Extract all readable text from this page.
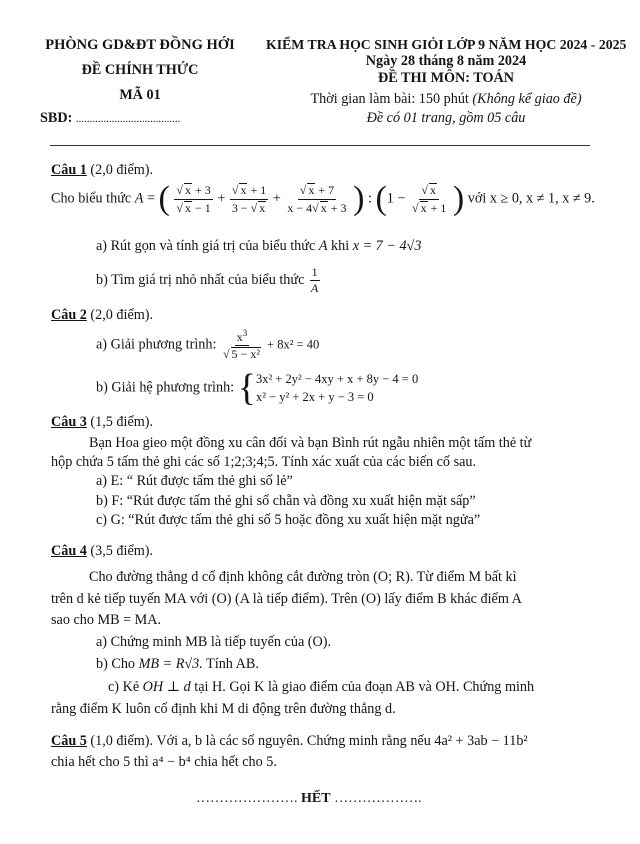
PHÒNG GD&ĐT ĐỒNG HỚI
ĐỀ CHÍNH THỨC
MÃ 01
KIỂM TRA HỌC SINH GIỎI LỚP 9 NĂM HỌC 2024 - 2025
Ngày 28 tháng 8 năm 2024
ĐỀ THI MÔN: TOÁN
Thời gian làm bài: 150 phút (Không kể giao đề)
Đề có 01 trang, gồm 05 câu
SBD: ......................................
Câu 1 (2,0 điểm).
Cho biểu thức A = ( $\frac{√ x + 3}{√ x - 1} + \frac{√ x + 1}{3 - √ x} + \frac{√ x + 7}{x - 4√ x + 3}$ ) : ($1 - \frac{√ x}{√ x + 1}$ ) với x ≥ 0, x ≠ 1, x ≠ 9.
a) Rút gọn và tính giá trị của biểu thức A khi x = 7 − 4√3
b) Tìm giá trị nhỏ nhất của biểu thức $\frac{1}{A}$
Câu 2 (2,0 điểm).
a) Giải phương trình: $\frac{x^3}{\text{√ 5 − x²}} + 8x^2 = 40$
b) Giải hệ phương trình: { 3x² + 2y² − 4xy + x + 8y − 4 = 0
x² − y² + 2x + y − 3 = 0
Câu 3 (1,5 điểm).
Bạn Hoa gieo một đồng xu cân đối và bạn Bình rút ngẫu nhiên một tấm thẻ từ
hộp chứa 5 tấm thẻ ghi các số 1;2;3;4;5. Tính xác xuất của các biến cố sau.
a) E: “ Rút được tấm thẻ ghi số lẻ”
b) F: “Rút được tấm thẻ ghi số chẵn và đồng xu xuất hiện mặt sấp”
c) G: “Rút được tấm thẻ ghi số 5 hoặc đồng xu xuất hiện mặt ngửa”
Câu 4 (3,5 điểm).
Cho đường thẳng d cố định không cắt đường tròn (O; R). Từ điểm M bất kì
trên d kẻ tiếp tuyến MA với (O) (A là tiếp điểm). Trên (O) lấy điểm B khác điểm A
sao cho MB = MA.
a) Chứng minh MB là tiếp tuyến của (O).
b) Cho MB = R√3. Tính AB.
c) Kẻ OH ⊥ d tại H. Gọi K là giao điểm của đoạn AB và OH. Chứng minh
rằng điểm K luôn cố định khi M di động trên đường thẳng d.
Câu 5 (1,0 điểm). Với a, b là các số nguyên. Chứng minh rằng nếu 4a² + 3ab − 11b²
chia hết cho 5 thì a⁴ − b⁴ chia hết cho 5.
…………………. HẾT ……………….
